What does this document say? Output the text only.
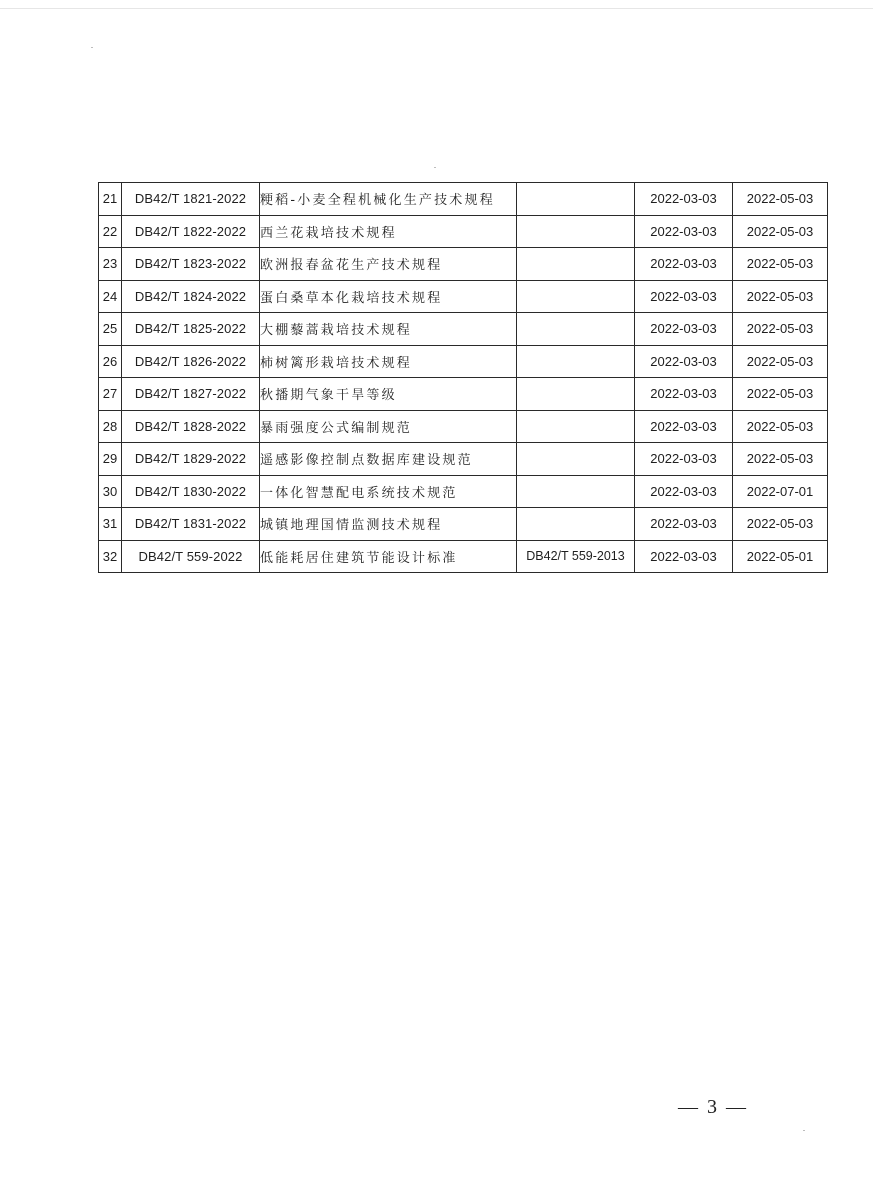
21	DB42/T 1821-2022	粳稻-小麦全程机械化生产技术规程		2022-03-03	2022-05-03
22	DB42/T 1822-2022	西兰花栽培技术规程		2022-03-03	2022-05-03
23	DB42/T 1823-2022	欧洲报春盆花生产技术规程		2022-03-03	2022-05-03
24	DB42/T 1824-2022	蛋白桑草本化栽培技术规程		2022-03-03	2022-05-03
25	DB42/T 1825-2022	大棚藜蒿栽培技术规程		2022-03-03	2022-05-03
26	DB42/T 1826-2022	柿树篱形栽培技术规程		2022-03-03	2022-05-03
27	DB42/T 1827-2022	秋播期气象干旱等级		2022-03-03	2022-05-03
28	DB42/T 1828-2022	暴雨强度公式编制规范		2022-03-03	2022-05-03
29	DB42/T 1829-2022	遥感影像控制点数据库建设规范		2022-03-03	2022-05-03
30	DB42/T 1830-2022	一体化智慧配电系统技术规范		2022-03-03	2022-07-01
31	DB42/T 1831-2022	城镇地理国情监测技术规程		2022-03-03	2022-05-03
32	DB42/T 559-2022	低能耗居住建筑节能设计标准	DB42/T 559-2013	2022-03-03	2022-05-01
— 3 —
